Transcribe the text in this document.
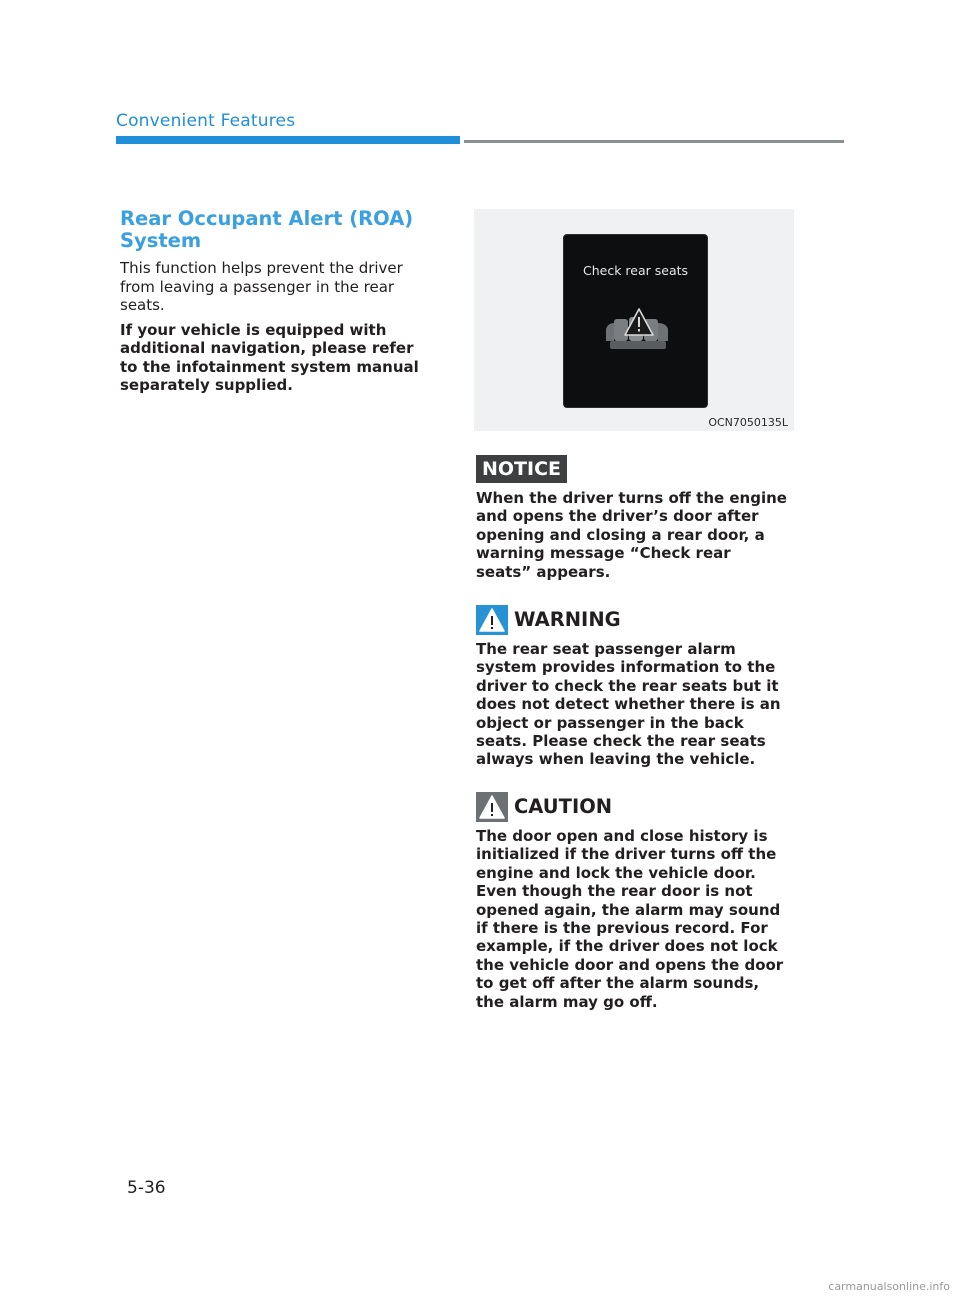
Convenient Features
Rear Occupant Alert (ROA) System

This function helps prevent the driver from leaving a passenger in the rear seats.

If your vehicle is equipped with additional navigation, please refer to the infotainment system manual separately supplied.

Check rear seats
OCN7050135L
NOTICE

When the driver turns off the engine and opens the driver’s door after opening and closing a rear door, a warning message “Check rear seats” appears.

WARNING

The rear seat passenger alarm system provides information to the driver to check the rear seats but it does not detect whether there is an object or passenger in the back seats. Please check the rear seats always when leaving the vehicle.

CAUTION

The door open and close history is initialized if the driver turns off the engine and lock the vehicle door. Even though the rear door is not opened again, the alarm may sound if there is the previous record. For example, if the driver does not lock the vehicle door and opens the door to get off after the alarm sounds, the alarm may go off.

5-36
carmanualsonline.info
